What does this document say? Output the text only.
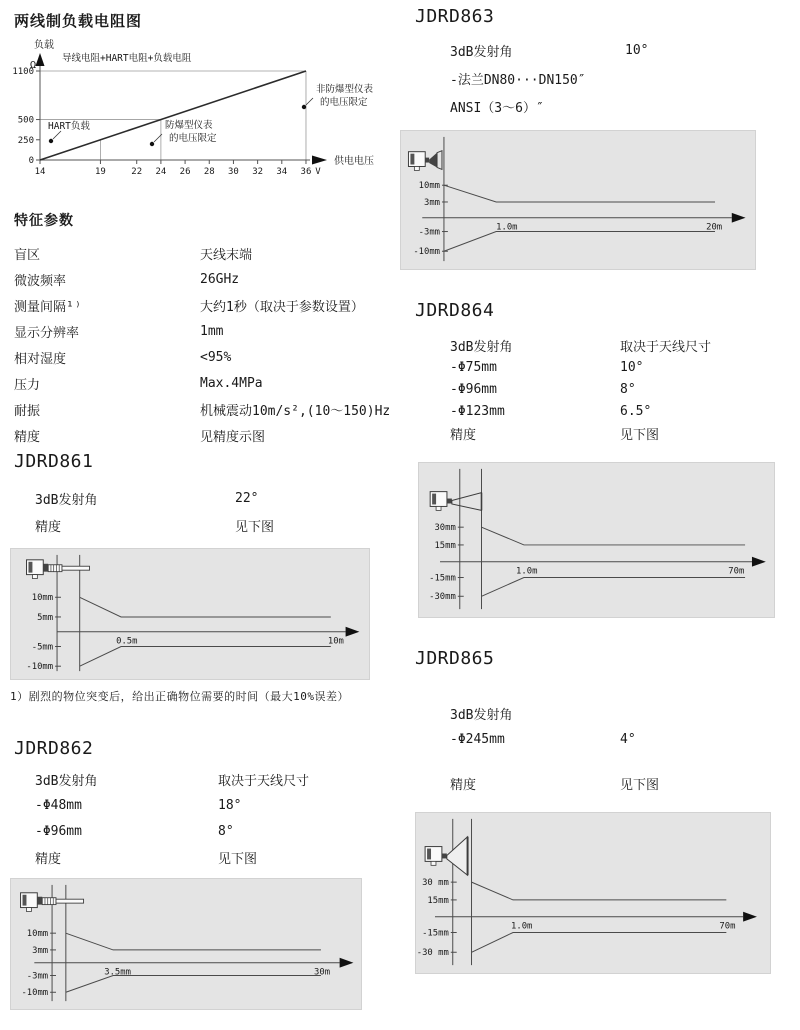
两线制负载电阻图
负载
Ω
供电电压
0
250
500
1100
14	19	22 24 26 28 30 32 34 36 V
导线电阻+HART电阻+负载电阻
HART负载	防爆型仪表
的电压限定
非防爆型仪表
的电压限定
特征参数
盲区	天线末端
微波频率	26GHz
测量间隔¹⁾	大约1秒（取决于参数设置）
显示分辨率	1mm
相对湿度	<95%
压力	Max.4MPa
耐振	机械震动10m/s²,(10～150)Hz
精度	见精度示图
JDRD861
3dB发射角	22°
精度	见下图
10mm
5mm
-5mm
-10mm
0.5m	10m
1）剧烈的物位突变后，给出正确物位需要的时间（最大10%误差）
JDRD862
3dB发射角	取决于天线尺寸
-Φ48mm	18°
-Φ96mm	8°
精度	见下图
10mm
3mm
-3mm
-10mm
3.5mm	30m
JDRD863
3dB发射角	10°
-法兰DN80···DN150″
ANSI（3～6）″
10mm
3mm
-3mm
-10mm
1.0m	20m
JDRD864
3dB发射角	取决于天线尺寸
-Φ75mm	10°
-Φ96mm	8°
-Φ123mm	6.5°
精度	见下图
30mm
15mm
-15mm
-30mm
1.0m	70m
JDRD865
3dB发射角
-Φ245mm	4°
精度	见下图
30 mm
15mm
-15mm
-30 mm
1.0m	70m
